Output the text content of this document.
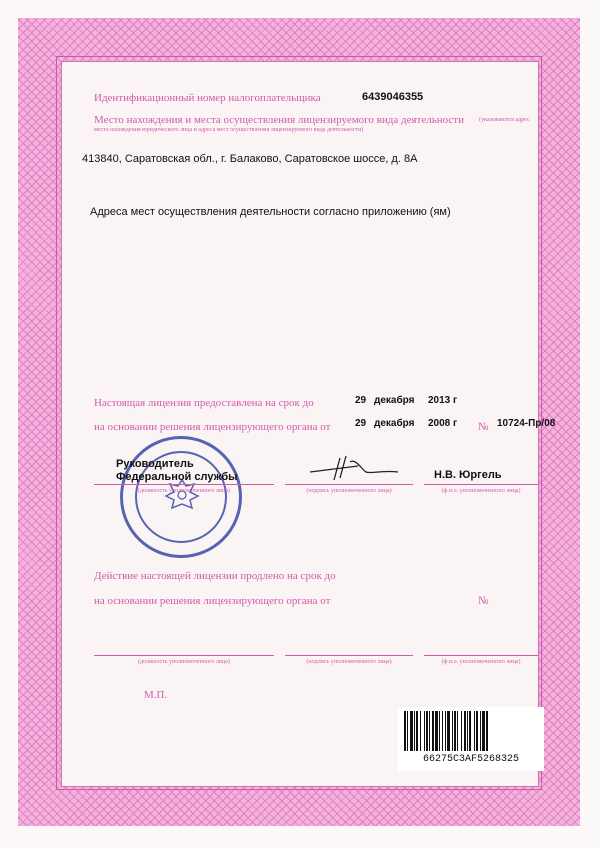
Идентификационный номер налогоплательщика	6439046355
Место нахождения и места осуществления лицензируемого вида деятельности	(указываются адрес
места нахождения юридического лица и адреса мест осуществления лицензируемого вида деятельности)
413840, Саратовская обл., г. Балаково, Саратовское шоссе, д. 8А
Адреса мест осуществления деятельности согласно приложению (ям)
Настоящая лицензия предоставлена на срок до	29 декабря 2013 г
на основании решения лицензирующего органа от 29 декабря 2008 г № 10724-Пр/08
Руководитель
Федеральной службы	Н.В. Юргель
(должность уполномоченного лица)	(подпись уполномоченного лица)	(ф.и.о. уполномоченного лица)
Действие настоящей лицензии продлено на срок до
на основании решения лицензирующего органа от	№
(должность уполномоченного лица)	(подпись уполномоченного лица)	(ф.и.о. уполномоченного лица)
М.П.
66275C3AF5268325
